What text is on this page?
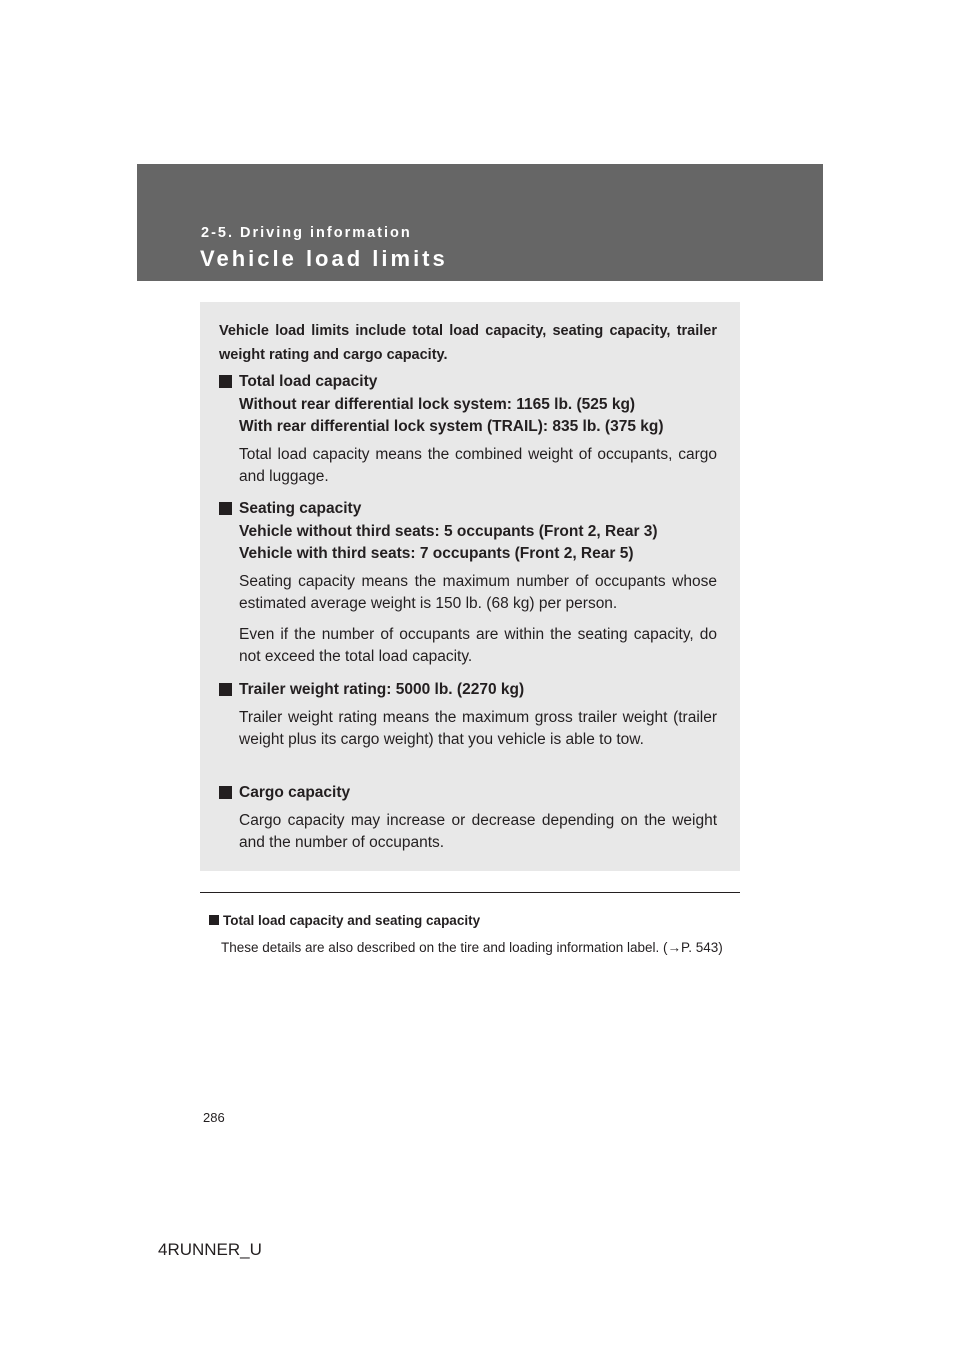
2-5. Driving information
Vehicle load limits
Vehicle load limits include total load capacity, seating capacity, trailer weight rating and cargo capacity.
Total load capacity
Without rear differential lock system: 1165 lb. (525 kg)
With rear differential lock system (TRAIL): 835 lb. (375 kg)
Total load capacity means the combined weight of occupants, cargo and luggage.
Seating capacity
Vehicle without third seats: 5 occupants (Front 2, Rear 3)
Vehicle with third seats: 7 occupants (Front 2, Rear 5)
Seating capacity means the maximum number of occupants whose estimated average weight is 150 lb. (68 kg) per person.
Even if the number of occupants are within the seating capacity, do not exceed the total load capacity.
Trailer weight rating: 5000 lb. (2270 kg)
Trailer weight rating means the maximum gross trailer weight (trailer weight plus its cargo weight) that you vehicle is able to tow.
Cargo capacity
Cargo capacity may increase or decrease depending on the weight and the number of occupants.
Total load capacity and seating capacity
These details are also described on the tire and loading information label. (→P. 543)
286
4RUNNER_U
